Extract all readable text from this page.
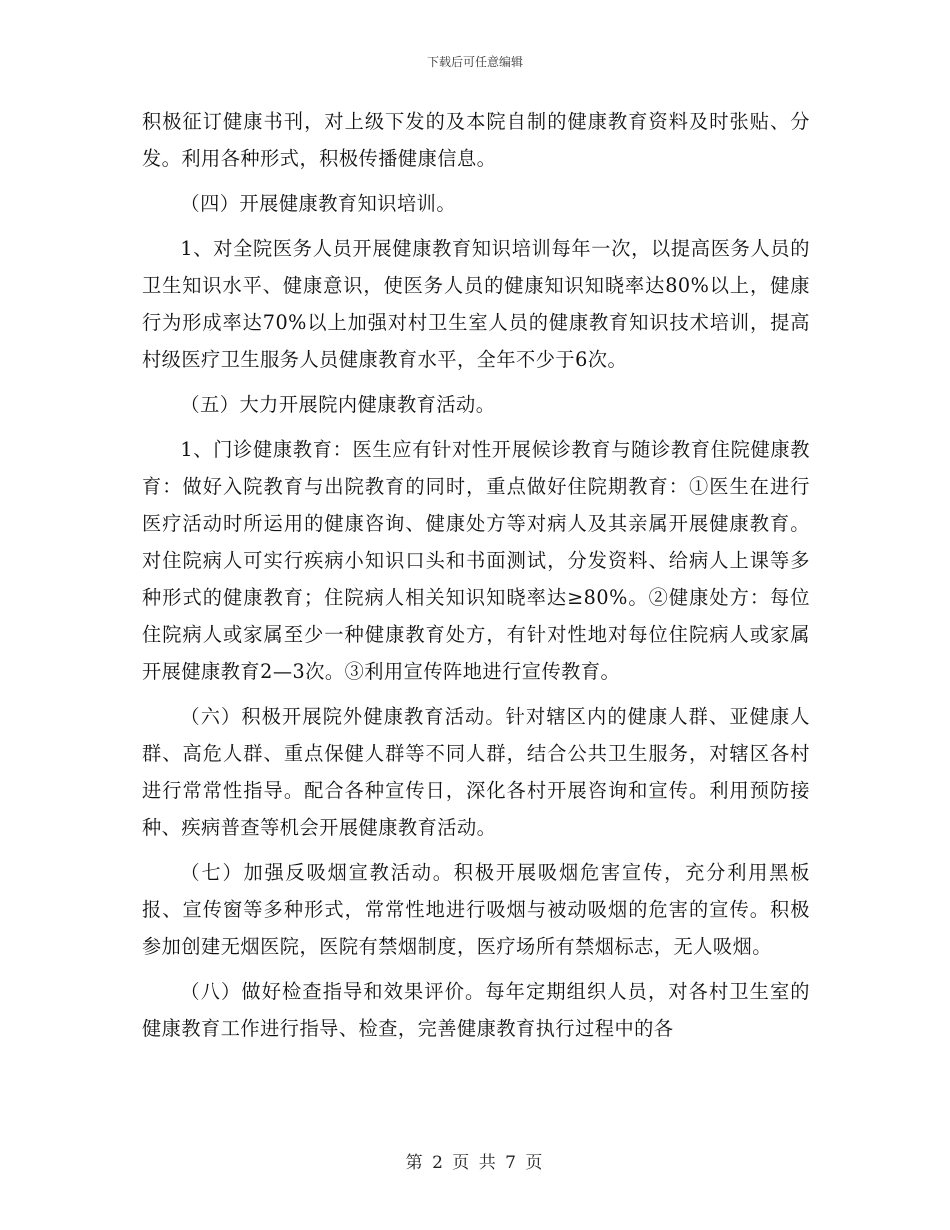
下载后可任意编辑

积极征订健康书刊，对上级下发的及本院自制的健康教育资料及时张贴、分发。利用各种形式，积极传播健康信息。

（四）开展健康教育知识培训。

1、对全院医务人员开展健康教育知识培训每年一次，以提高医务人员的卫生知识水平、健康意识，使医务人员的健康知识知晓率达80%以上，健康行为形成率达70%以上加强对村卫生室人员的健康教育知识技术培训，提高村级医疗卫生服务人员健康教育水平，全年不少于6次。

（五）大力开展院内健康教育活动。

1、门诊健康教育：医生应有针对性开展候诊教育与随诊教育住院健康教育：做好入院教育与出院教育的同时，重点做好住院期教育：①医生在进行医疗活动时所运用的健康咨询、健康处方等对病人及其亲属开展健康教育。对住院病人可实行疾病小知识口头和书面测试，分发资料、给病人上课等多种形式的健康教育；住院病人相关知识知晓率达≥80%。②健康处方：每位住院病人或家属至少一种健康教育处方，有针对性地对每位住院病人或家属开展健康教育2—3次。③利用宣传阵地进行宣传教育。

（六）积极开展院外健康教育活动。针对辖区内的健康人群、亚健康人群、高危人群、重点保健人群等不同人群，结合公共卫生服务，对辖区各村进行常常性指导。配合各种宣传日，深化各村开展咨询和宣传。利用预防接种、疾病普查等机会开展健康教育活动。

（七）加强反吸烟宣教活动。积极开展吸烟危害宣传，充分利用黑板报、宣传窗等多种形式，常常性地进行吸烟与被动吸烟的危害的宣传。积极参加创建无烟医院，医院有禁烟制度，医疗场所有禁烟标志，无人吸烟。

（八）做好检查指导和效果评价。每年定期组织人员，对各村卫生室的健康教育工作进行指导、检查，完善健康教育执行过程中的各

第 2 页 共 7 页
